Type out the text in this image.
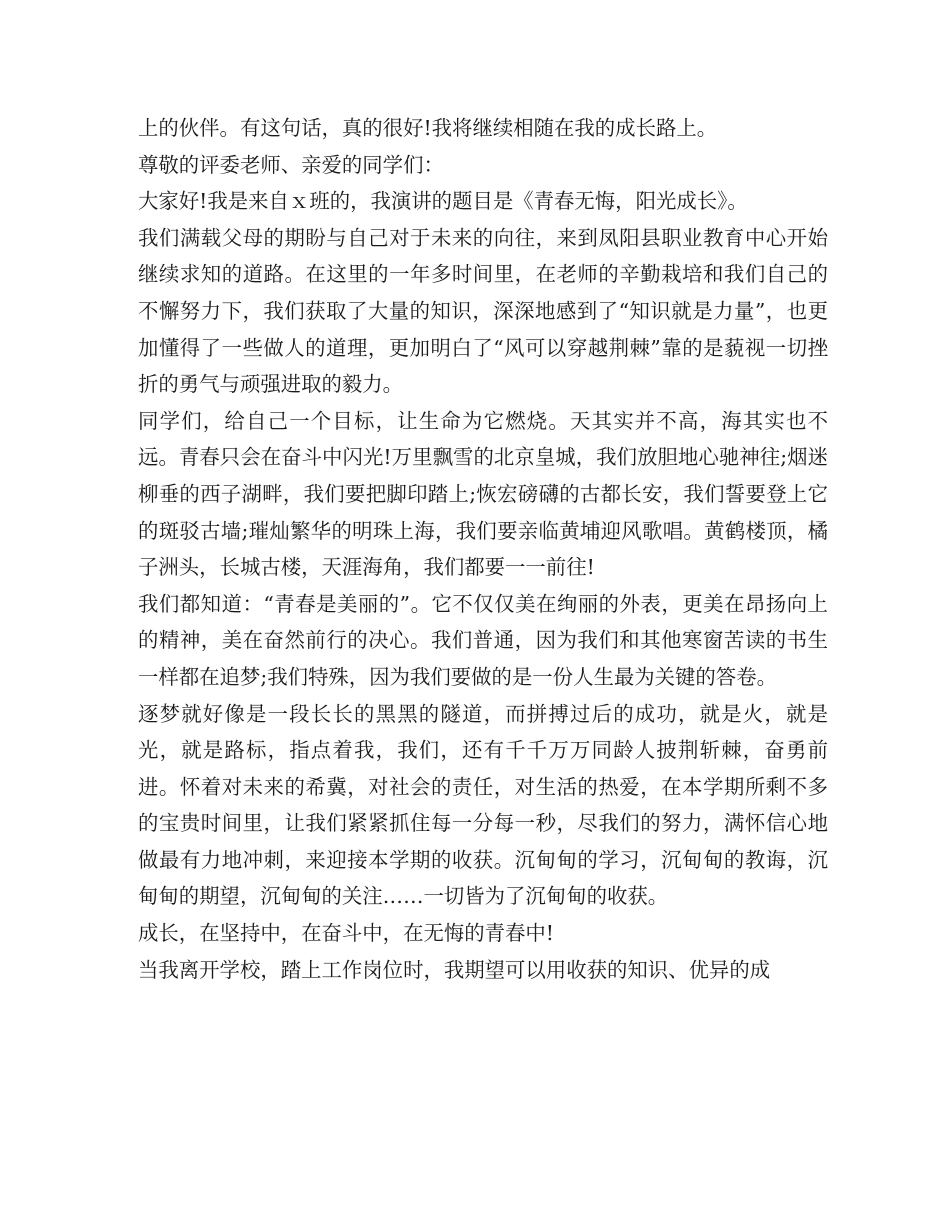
上的伙伴。有这句话，真的很好!我将继续相随在我的成长路上。

尊敬的评委老师、亲爱的同学们：

大家好!我是来自ｘ班的，我演讲的题目是《青春无悔，阳光成长》。

我们满载父母的期盼与自己对于未来的向往，来到凤阳县职业教育中心开始继续求知的道路。在这里的一年多时间里，在老师的辛勤栽培和我们自己的不懈努力下，我们获取了大量的知识，深深地感到了“知识就是力量”，也更加懂得了一些做人的道理，更加明白了“风可以穿越荆棘”靠的是藐视一切挫折的勇气与顽强进取的毅力。

同学们，给自己一个目标，让生命为它燃烧。天其实并不高，海其实也不远。青春只会在奋斗中闪光!万里飘雪的北京皇城，我们放胆地心驰神往;烟迷柳垂的西子湖畔，我们要把脚印踏上;恢宏磅礴的古都长安，我们誓要登上它的斑驳古墙;璀灿繁华的明珠上海，我们要亲临黄埔迎风歌唱。黄鹤楼顶，橘子洲头，长城古楼，天涯海角，我们都要一一前往!

我们都知道：“青春是美丽的”。它不仅仅美在绚丽的外表，更美在昂扬向上的精神，美在奋然前行的决心。我们普通，因为我们和其他寒窗苦读的书生一样都在追梦;我们特殊，因为我们要做的是一份人生最为关键的答卷。

逐梦就好像是一段长长的黑黑的隧道，而拼搏过后的成功，就是火，就是光，就是路标，指点着我，我们，还有千千万万同龄人披荆斩棘，奋勇前进。怀着对未来的希冀，对社会的责任，对生活的热爱，在本学期所剩不多的宝贵时间里，让我们紧紧抓住每一分每一秒，尽我们的努力，满怀信心地做最有力地冲刺，来迎接本学期的收获。沉甸甸的学习，沉甸甸的教诲，沉甸甸的期望，沉甸甸的关注……一切皆为了沉甸甸的收获。

成长，在坚持中，在奋斗中，在无悔的青春中!

当我离开学校，踏上工作岗位时，我期望可以用收获的知识、优异的成
